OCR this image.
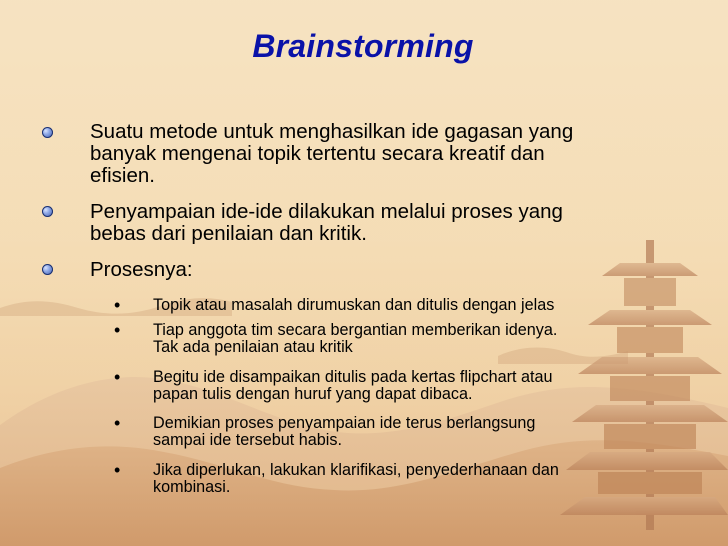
Brainstorming
Suatu metode untuk menghasilkan ide gagasan yang
banyak mengenai topik tertentu secara kreatif dan
efisien.
Penyampaian ide-ide dilakukan melalui proses yang
bebas dari penilaian dan kritik.
Prosesnya:
• Topik atau masalah dirumuskan dan ditulis dengan jelas
• Tiap anggota tim secara bergantian memberikan idenya.
Tak ada penilaian atau kritik
• Begitu ide disampaikan ditulis pada kertas flipchart atau
papan tulis dengan huruf yang dapat dibaca.
• Demikian proses penyampaian ide terus berlangsung
sampai ide tersebut habis.
• Jika diperlukan, lakukan klarifikasi, penyederhanaan dan
kombinasi.
